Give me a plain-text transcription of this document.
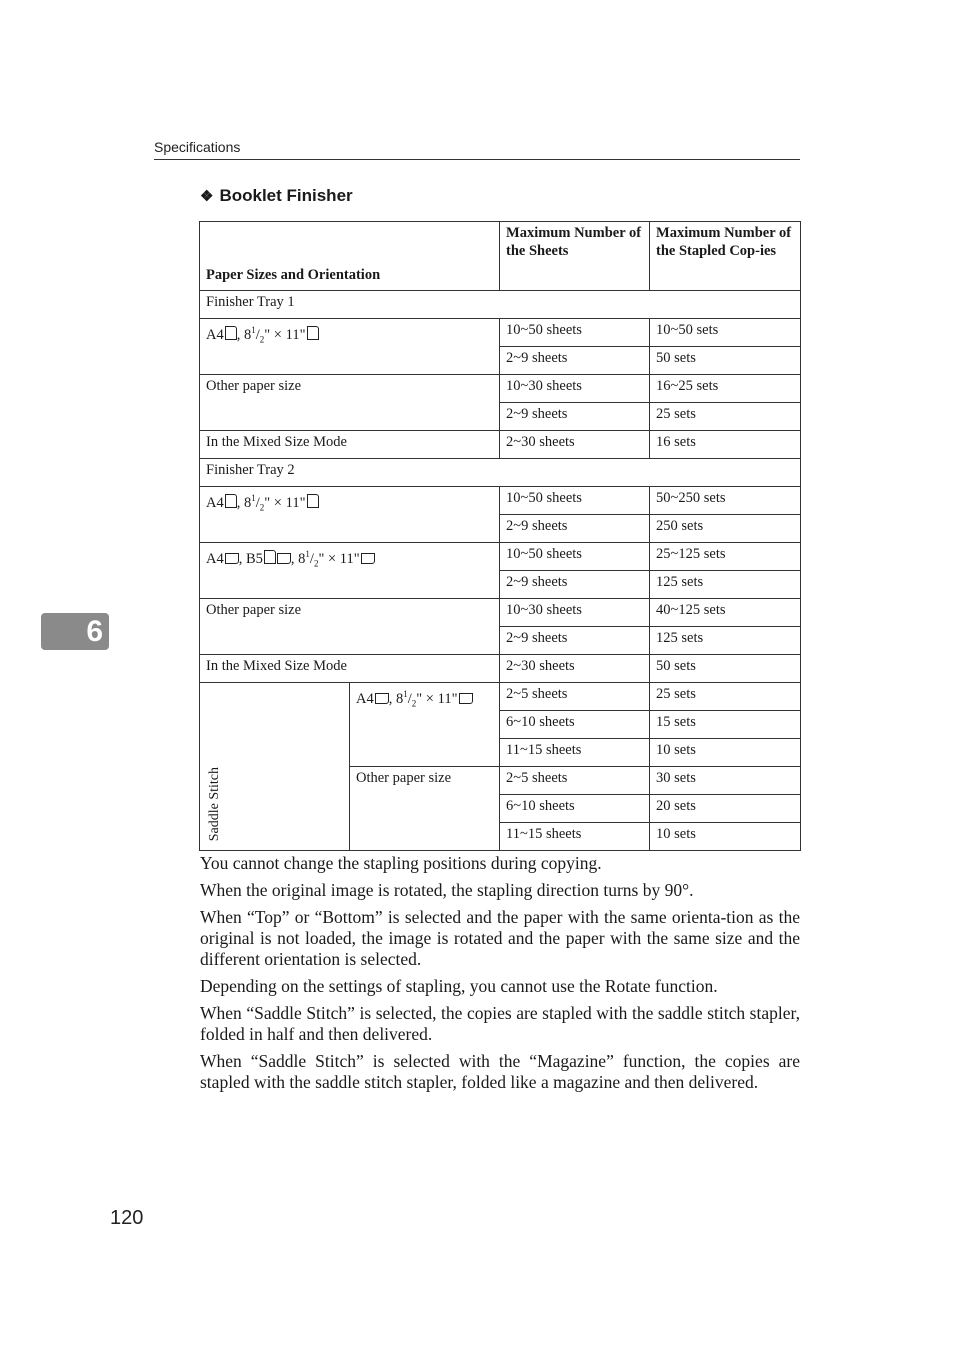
Specifications
❖ Booklet Finisher
Paper Sizes and Orientation		Maximum Number of the Sheets	Maximum Number of the Stapled Cop-ies
Finisher Tray 1			
A4 , $8^1/_2$" × 11"		10~50 sheets	10~50 sets
		2~9 sheets	50 sets
Other paper size		10~30 sheets	16~25 sets
		2~9 sheets	25 sets
In the Mixed Size Mode		2~30 sheets	16 sets
Finisher Tray 2			
A4 , $8^1/_2$" × 11"		10~50 sheets	50~250 sets
		2~9 sheets	250 sets
A4 , B5 , $8^1/_2$" × 11"		10~50 sheets	25~125 sets
		2~9 sheets	125 sets
Other paper size		10~30 sheets	40~125 sets
		2~9 sheets	125 sets
In the Mixed Size Mode		2~30 sheets	50 sets
Saddle Stitch	A4 , $8^1/_2$" × 11"	2~5 sheets	25 sets
		6~10 sheets	15 sets
		11~15 sheets	10 sets
	Other paper size	2~5 sheets	30 sets
		6~10 sheets	20 sets
		11~15 sheets	10 sets

You cannot change the stapling positions during copying.

When the original image is rotated, the stapling direction turns by 90°.

When “Top” or “Bottom” is selected and the paper with the same orienta-tion as the original is not loaded, the image is rotated and the paper with the same size and the different orientation is selected.

Depending on the settings of stapling, you cannot use the Rotate function.

When “Saddle Stitch” is selected, the copies are stapled with the saddle stitch stapler, folded in half and then delivered.

When “Saddle Stitch” is selected with the “Magazine” function, the copies are stapled with the saddle stitch stapler, folded like a magazine and then delivered.

6
120
